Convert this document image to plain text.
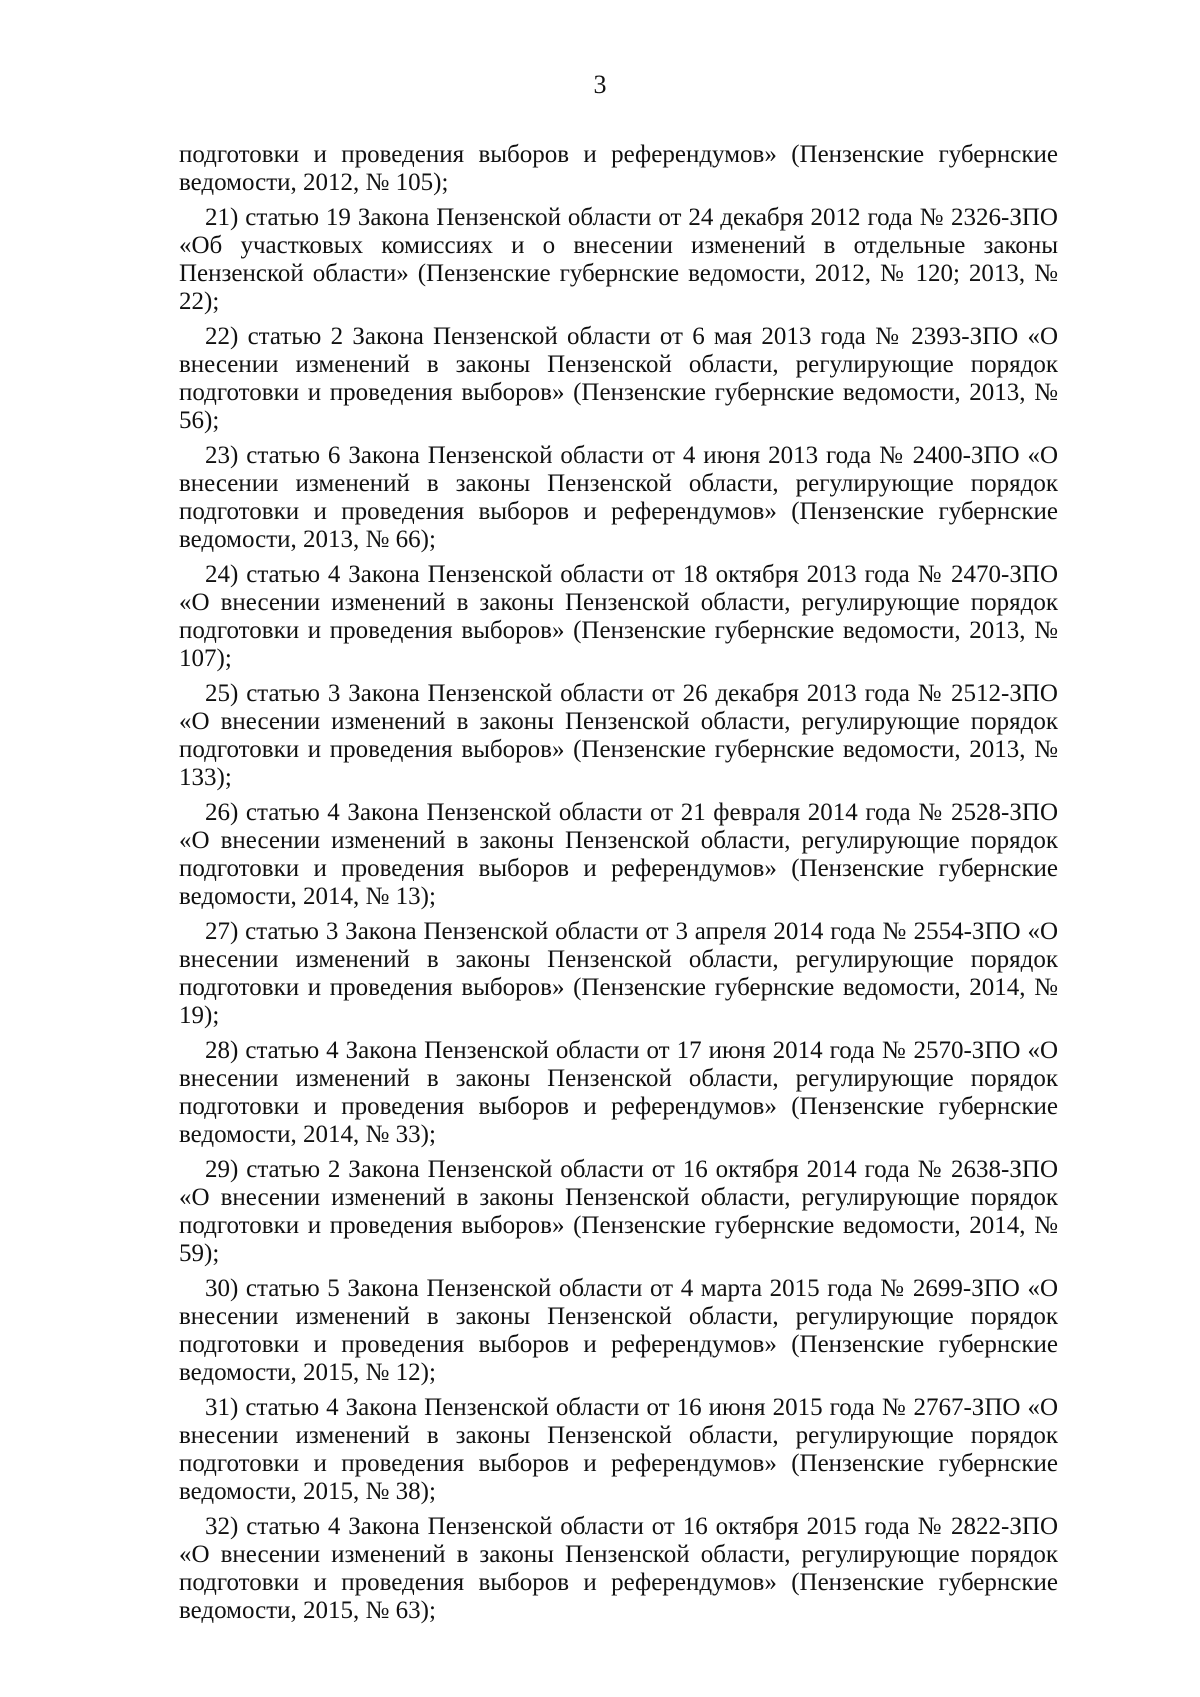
3

подготовки и проведения выборов и референдумов» (Пензенские губернские ведомости, 2012, № 105);

21) статью 19 Закона Пензенской области от 24 декабря 2012 года № 2326-ЗПО «Об участковых комиссиях и о внесении изменений в отдельные законы Пензенской области» (Пензенские губернские ведомости, 2012, № 120; 2013, № 22);

22) статью 2 Закона Пензенской области от 6 мая 2013 года № 2393-ЗПО «О внесении изменений в законы Пензенской области, регулирующие порядок подготовки и проведения выборов» (Пензенские губернские ведомости, 2013, № 56);

23) статью 6 Закона Пензенской области от 4 июня 2013 года № 2400-ЗПО «О внесении изменений в законы Пензенской области, регулирующие порядок подготовки и проведения выборов и референдумов» (Пензенские губернские ведомости, 2013, № 66);

24) статью 4 Закона Пензенской области от 18 октября 2013 года № 2470-ЗПО «О внесении изменений в законы Пензенской области, регулирующие порядок подготовки и проведения выборов» (Пензенские губернские ведомости, 2013, № 107);

25) статью 3 Закона Пензенской области от 26 декабря 2013 года № 2512-ЗПО «О внесении изменений в законы Пензенской области, регулирующие порядок подготовки и проведения выборов» (Пензенские губернские ведомости, 2013, № 133);

26) статью 4 Закона Пензенской области от 21 февраля 2014 года № 2528-ЗПО «О внесении изменений в законы Пензенской области, регулирующие порядок подготовки и проведения выборов и референдумов» (Пензенские губернские ведомости, 2014, № 13);

27) статью 3 Закона Пензенской области от 3 апреля 2014 года № 2554-ЗПО «О внесении изменений в законы Пензенской области, регулирующие порядок подготовки и проведения выборов» (Пензенские губернские ведомости, 2014, № 19);

28) статью 4 Закона Пензенской области от 17 июня 2014 года № 2570-ЗПО «О внесении изменений в законы Пензенской области, регулирующие порядок подготовки и проведения выборов и референдумов» (Пензенские губернские ведомости, 2014, № 33);

29) статью 2 Закона Пензенской области от 16 октября 2014 года № 2638-ЗПО «О внесении изменений в законы Пензенской области, регулирующие порядок подготовки и проведения выборов» (Пензенские губернские ведомости, 2014, № 59);

30) статью 5 Закона Пензенской области от 4 марта 2015 года № 2699-ЗПО «О внесении изменений в законы Пензенской области, регулирующие порядок подготовки и проведения выборов и референдумов» (Пензенские губернские ведомости, 2015, № 12);

31) статью 4 Закона Пензенской области от 16 июня 2015 года № 2767-ЗПО «О внесении изменений в законы Пензенской области, регулирующие порядок подготовки и проведения выборов и референдумов» (Пензенские губернские ведомости, 2015, № 38);

32) статью 4 Закона Пензенской области от 16 октября 2015 года № 2822-ЗПО «О внесении изменений в законы Пензенской области, регулирующие порядок подготовки и проведения выборов и референдумов» (Пензенские губернские ведомости, 2015, № 63);
